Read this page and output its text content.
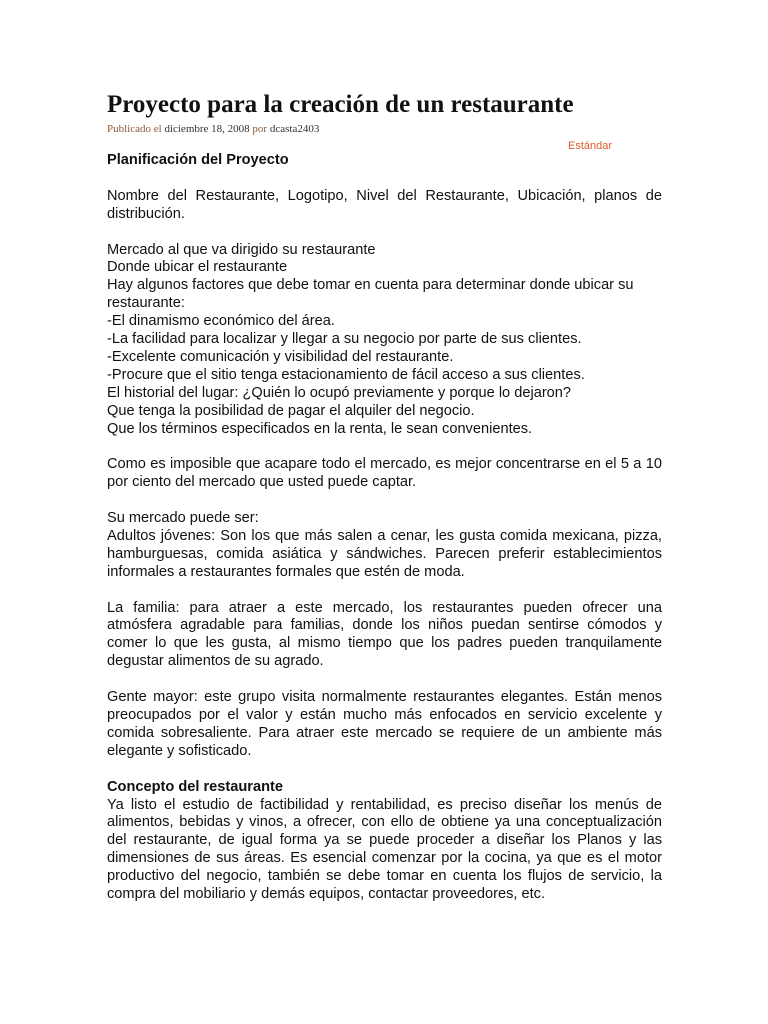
Proyecto para la creación de un restaurante
Publicado el diciembre 18, 2008 por dcasta2403
Estándar
Planificación del Proyecto

Nombre del Restaurante, Logotipo, Nivel del Restaurante, Ubicación, planos de distribución.

Mercado al que va dirigido su restaurante
Donde ubicar el restaurante
Hay algunos factores que debe tomar en cuenta para determinar donde ubicar su restaurante:
-El dinamismo económico del área.
-La facilidad para localizar y llegar a su negocio por parte de sus clientes.
-Excelente comunicación y visibilidad del restaurante.
-Procure que el sitio tenga estacionamiento de fácil acceso a sus clientes.
El historial del lugar: ¿Quién lo ocupó previamente y porque lo dejaron?
Que tenga la posibilidad de pagar el alquiler del negocio.
Que los términos especificados en la renta, le sean convenientes.

Como es imposible que acapare todo el mercado, es mejor concentrarse en el 5 a 10 por ciento del mercado que usted puede captar.

Su mercado puede ser:

Adultos jóvenes: Son los que más salen a cenar, les gusta comida mexicana, pizza, hamburguesas, comida asiática y sándwiches. Parecen preferir establecimientos informales a restaurantes formales que estén de moda.

La familia: para atraer a este mercado, los restaurantes pueden ofrecer una atmósfera agradable para familias, donde los niños puedan sentirse cómodos y comer lo que les gusta, al mismo tiempo que los padres pueden tranquilamente degustar alimentos de su agrado.

Gente mayor: este grupo visita normalmente restaurantes elegantes. Están menos preocupados por el valor y están mucho más enfocados en servicio excelente y comida sobresaliente. Para atraer este mercado se requiere de un ambiente más elegante y sofisticado.

Concepto del restaurante

Ya listo el estudio de factibilidad y rentabilidad, es preciso diseñar los menús de alimentos, bebidas y vinos, a ofrecer, con ello de obtiene ya una conceptualización del restaurante, de igual forma ya se puede proceder a diseñar los Planos y las dimensiones de sus áreas. Es esencial comenzar por la cocina, ya que es el motor productivo del negocio, también se debe tomar en cuenta los flujos de servicio, la compra del mobiliario y demás equipos, contactar proveedores, etc.
